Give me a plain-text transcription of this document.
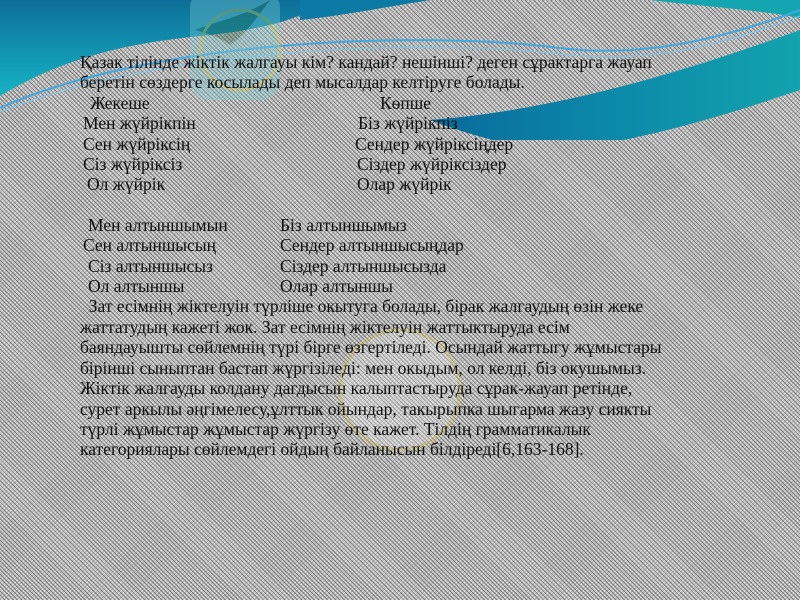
Қазак тілінде жіктік жалгауы кім? кандай? нешінші? деген сұрактарга жауап
беретін сөздерге косылады деп мысалдар келтіруге болады.
Жекеше	Көпше
Мен жүйрікпін	Біз жүйрікпіз
Сен жүйріксің	Сендер жүйріксіңдер
Сіз жүйріксіз	Сіздер жүйріксіздер
Ол жүйрік	Олар жүйрік
Мен алтыншымын	Біз алтыншымыз
Сен алтыншысың	Сендер алтыншысыңдар
Сіз алтыншысыз	Сіздер алтыншысызда
Ол алтыншы	Олар алтыншы
Зат есімнің жіктелуін түрліше окытуга болады, бірак жалгаудың өзін жеке
жаттатудың кажеті жок. Зат есімнің жіктелуін жаттыктыруда есім
баяндауышты сөйлемнің түрі бірге өзгертіледі. Осындай жаттыгу жұмыстары
бірінші сыныптан бастап жүргізіледі: мен окыдым, ол келді, біз окушымыз.
Жіктік жалгауды колдану дагдысын калыптастыруда сұрак-жауап ретінде,
сурет аркылы әңгімелесу,ұлттык ойындар, такырыпка шыгарма жазу сиякты
түрлі жұмыстар жұмыстар жүргізу өте кажет. Тілдің грамматикалык
категориялары сөйлемдегі ойдың байланысын білдіреді[6,163-168].
